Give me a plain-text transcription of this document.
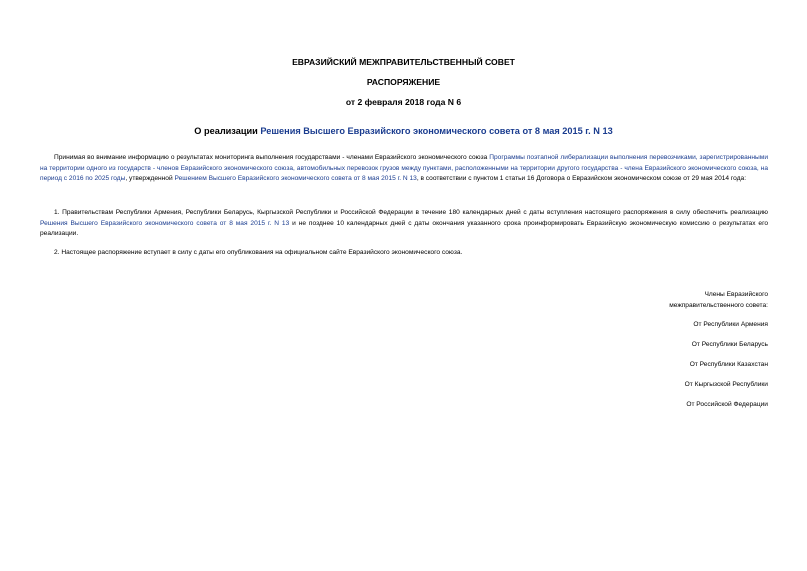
ЕВРАЗИЙСКИЙ МЕЖПРАВИТЕЛЬСТВЕННЫЙ СОВЕТ
РАСПОРЯЖЕНИЕ
от 2 февраля 2018 года N 6
О реализации Решения Высшего Евразийского экономического совета от 8 мая 2015 г. N 13
Принимая во внимание информацию о результатах мониторинга выполнения государствами - членами Евразийского экономического союза Программы поэтапной либерализации выполнения перевозчиками, зарегистрированными на территории одного из государств - членов Евразийского экономического союза, автомобильных перевозок грузов между пунктами, расположенными на территории другого государства - члена Евразийского экономического союза, на период с 2016 по 2025 годы, утвержденной Решением Высшего Евразийского экономического совета от 8 мая 2015 г. N 13, в соответствии с пунктом 1 статьи 16 Договора о Евразийском экономическом союзе от 29 мая 2014 года:
1. Правительствам Республики Армения, Республики Беларусь, Кыргызской Республики и Российской Федерации в течение 180 календарных дней с даты вступления настоящего распоряжения в силу обеспечить реализацию Решения Высшего Евразийского экономического совета от 8 мая 2015 г. N 13 и не позднее 10 календарных дней с даты окончания указанного срока проинформировать Евразийскую экономическую комиссию о результатах его реализации.
2. Настоящее распоряжение вступает в силу с даты его опубликования на официальном сайте Евразийского экономического союза.
Члены Евразийского
межправительственного совета:
От Республики Армения
От Республики Беларусь
От Республики Казахстан
От Кыргызской Республики
От Российской Федерации
